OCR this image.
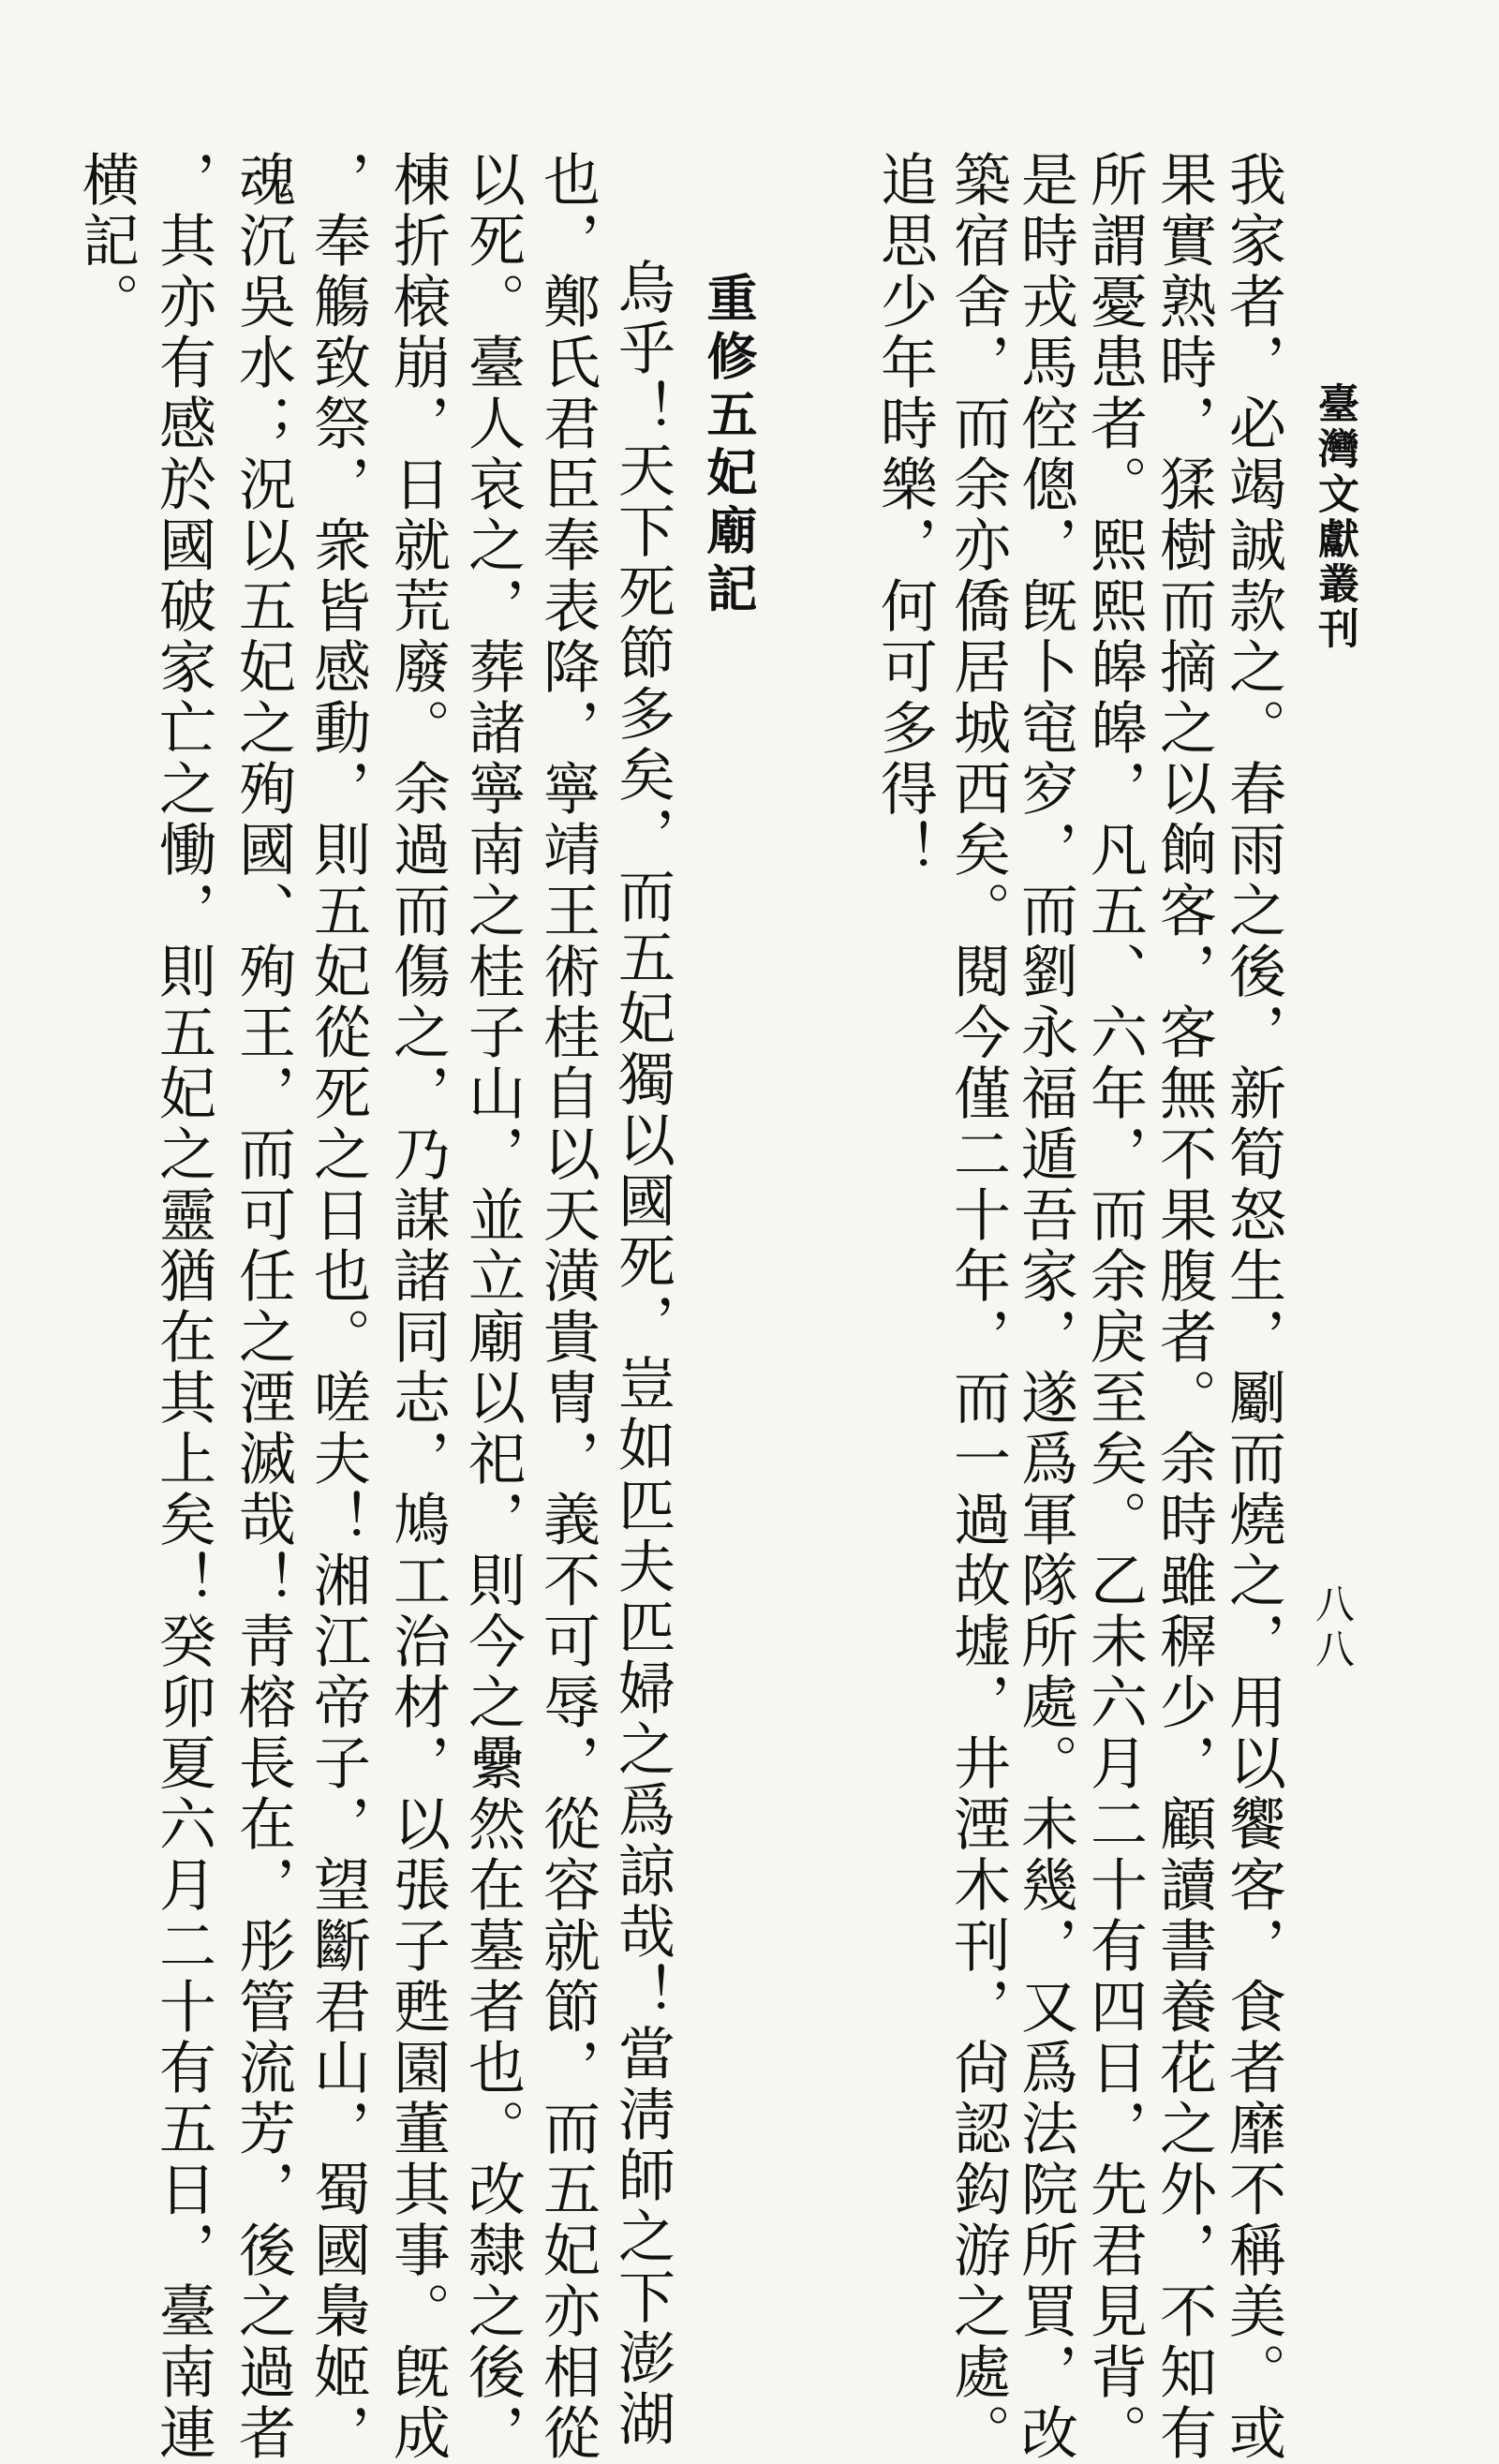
臺灣文獻叢刊
八八
我家者，必竭誠款之。春雨之後，新筍怒生，劚而燒之，用以饗客，食者靡不稱美。或
果實熟時，猱樹而摘之以餉客，客無不果腹者。余時雖稺少，顧讀書養花之外，不知有
所謂憂患者。熙熙皞皞，凡五、六年，而余戾至矣。乙未六月二十有四日，先君見背。
是時戎馬倥傯，旣卜窀穸，而劉永福遁吾家，遂爲軍隊所處。未幾，又爲法院所買，改
築宿舍，而余亦僑居城西矣。閱今僅二十年，而一過故墟，井湮木刊，尙認鈎游之處。
追思少年時樂，何可多得！
重修五妃廟記
烏乎！天下死節多矣，而五妃獨以國死，豈如匹夫匹婦之爲諒哉！當淸師之下澎湖
也，鄭氏君臣奉表降，寧靖王術桂自以天潢貴冑，義不可辱，從容就節，而五妃亦相從
以死。臺人哀之，葬諸寧南之桂子山，並立廟以祀，則今之纍然在墓者也。改隸之後，
棟折榱崩，日就荒廢。余過而傷之，乃謀諸同志，鳩工治材，以張子甦園董其事。旣成
，奉觴致祭，衆皆感動，則五妃從死之日也。嗟夫！湘江帝子，望斷君山，蜀國梟姬，
魂沉吳水；況以五妃之殉國、殉王，而可任之湮滅哉！靑榕長在，彤管流芳，後之過者
，其亦有感於國破家亡之慟，則五妃之靈猶在其上矣！癸卯夏六月二十有五日，臺南連
横記。
